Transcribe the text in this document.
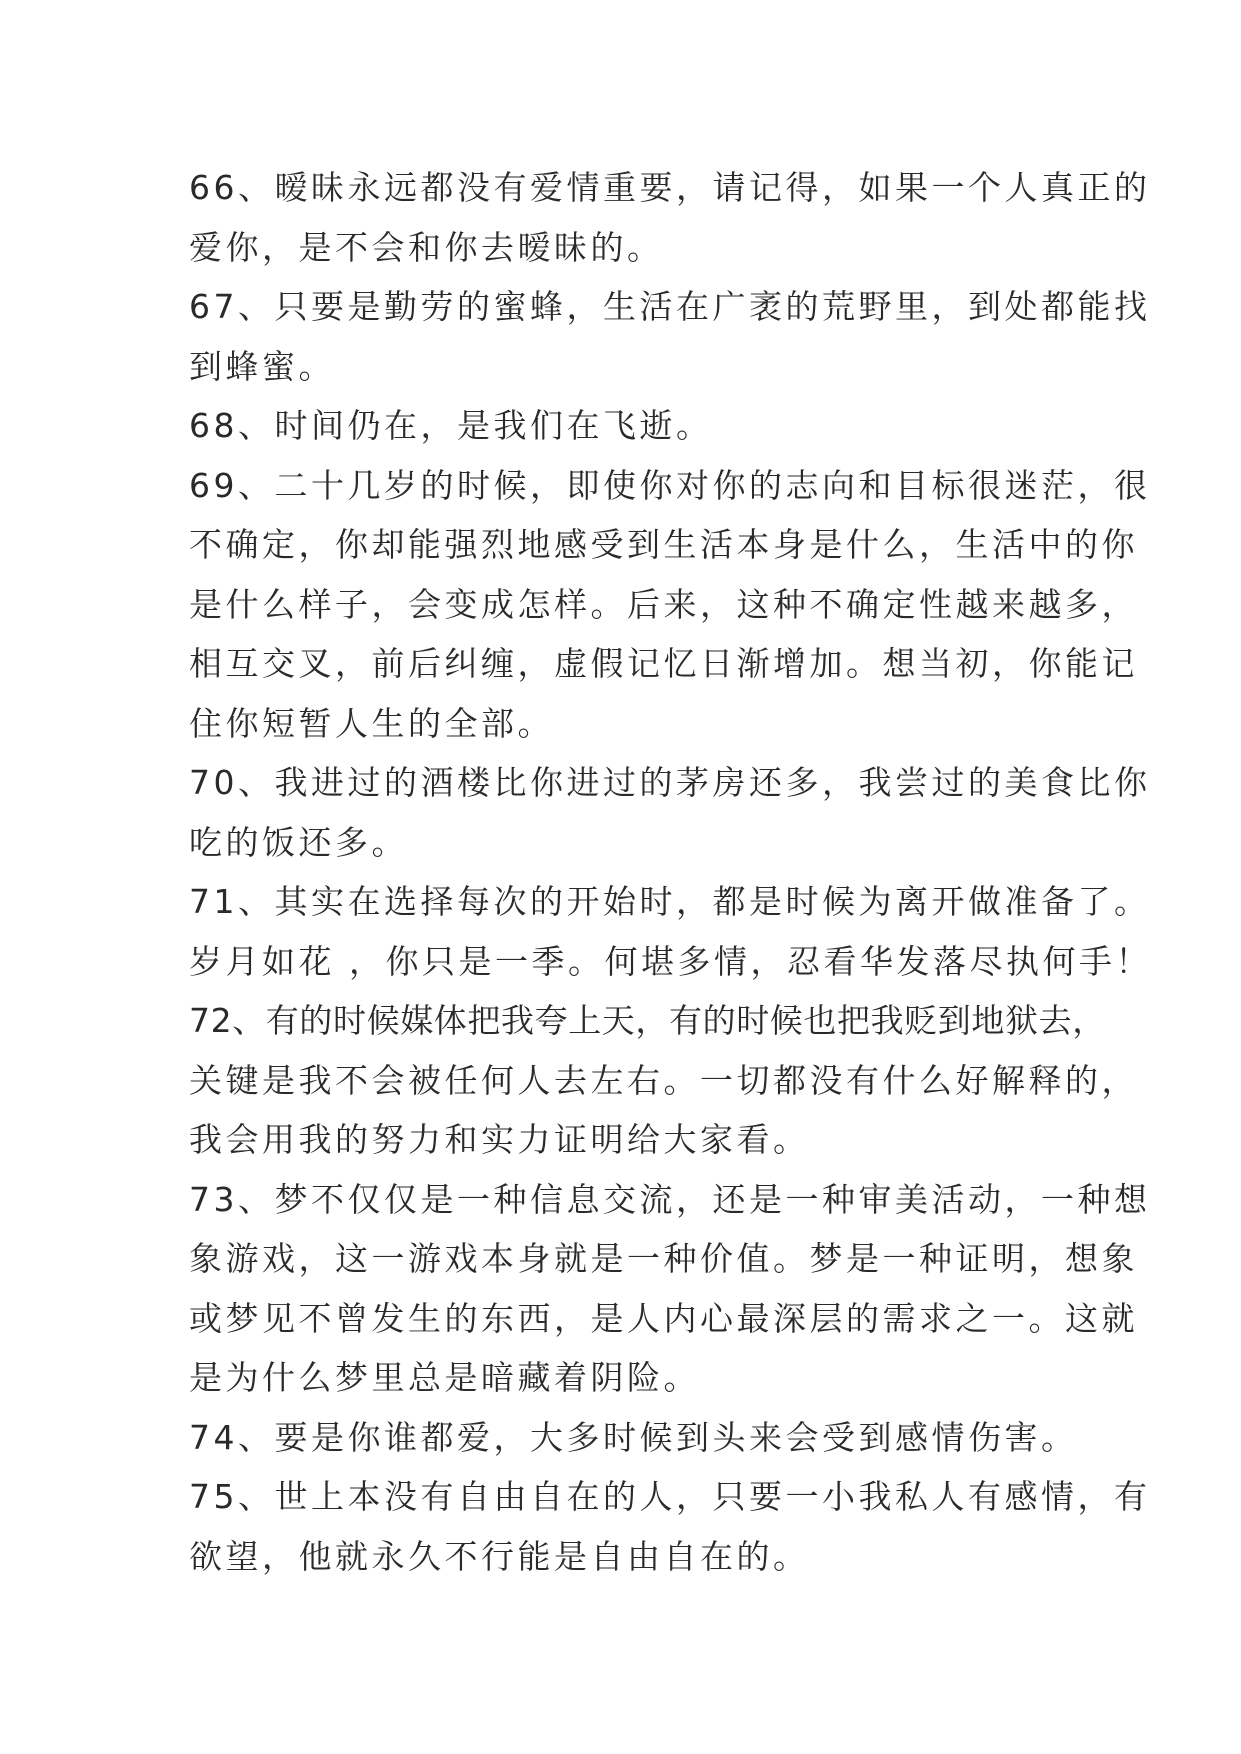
66、暧昧永远都没有爱情重要，请记得，如果一个人真正的
爱你，是不会和你去暧昧的。
67、只要是勤劳的蜜蜂，生活在广袤的荒野里，到处都能找
到蜂蜜。
68、时间仍在，是我们在飞逝。
69、二十几岁的时候，即使你对你的志向和目标很迷茫，很
不确定，你却能强烈地感受到生活本身是什么，生活中的你
是什么样子，会变成怎样。后来，这种不确定性越来越多，
相互交叉，前后纠缠，虚假记忆日渐增加。想当初，你能记
住你短暂人生的全部。
70、我进过的酒楼比你进过的茅房还多，我尝过的美食比你
吃的饭还多。
71、其实在选择每次的开始时，都是时候为离开做准备了。
岁月如花 ，你只是一季。何堪多情，忍看华发落尽执何手！
72、有的时候媒体把我夸上天，有的时候也把我贬到地狱去，
关键是我不会被任何人去左右。一切都没有什么好解释的，
我会用我的努力和实力证明给大家看。
73、梦不仅仅是一种信息交流，还是一种审美活动，一种想
象游戏，这一游戏本身就是一种价值。梦是一种证明，想象
或梦见不曾发生的东西，是人内心最深层的需求之一。这就
是为什么梦里总是暗藏着阴险。
74、要是你谁都爱，大多时候到头来会受到感情伤害。
75、世上本没有自由自在的人，只要一小我私人有感情，有
欲望，他就永久不行能是自由自在的。
